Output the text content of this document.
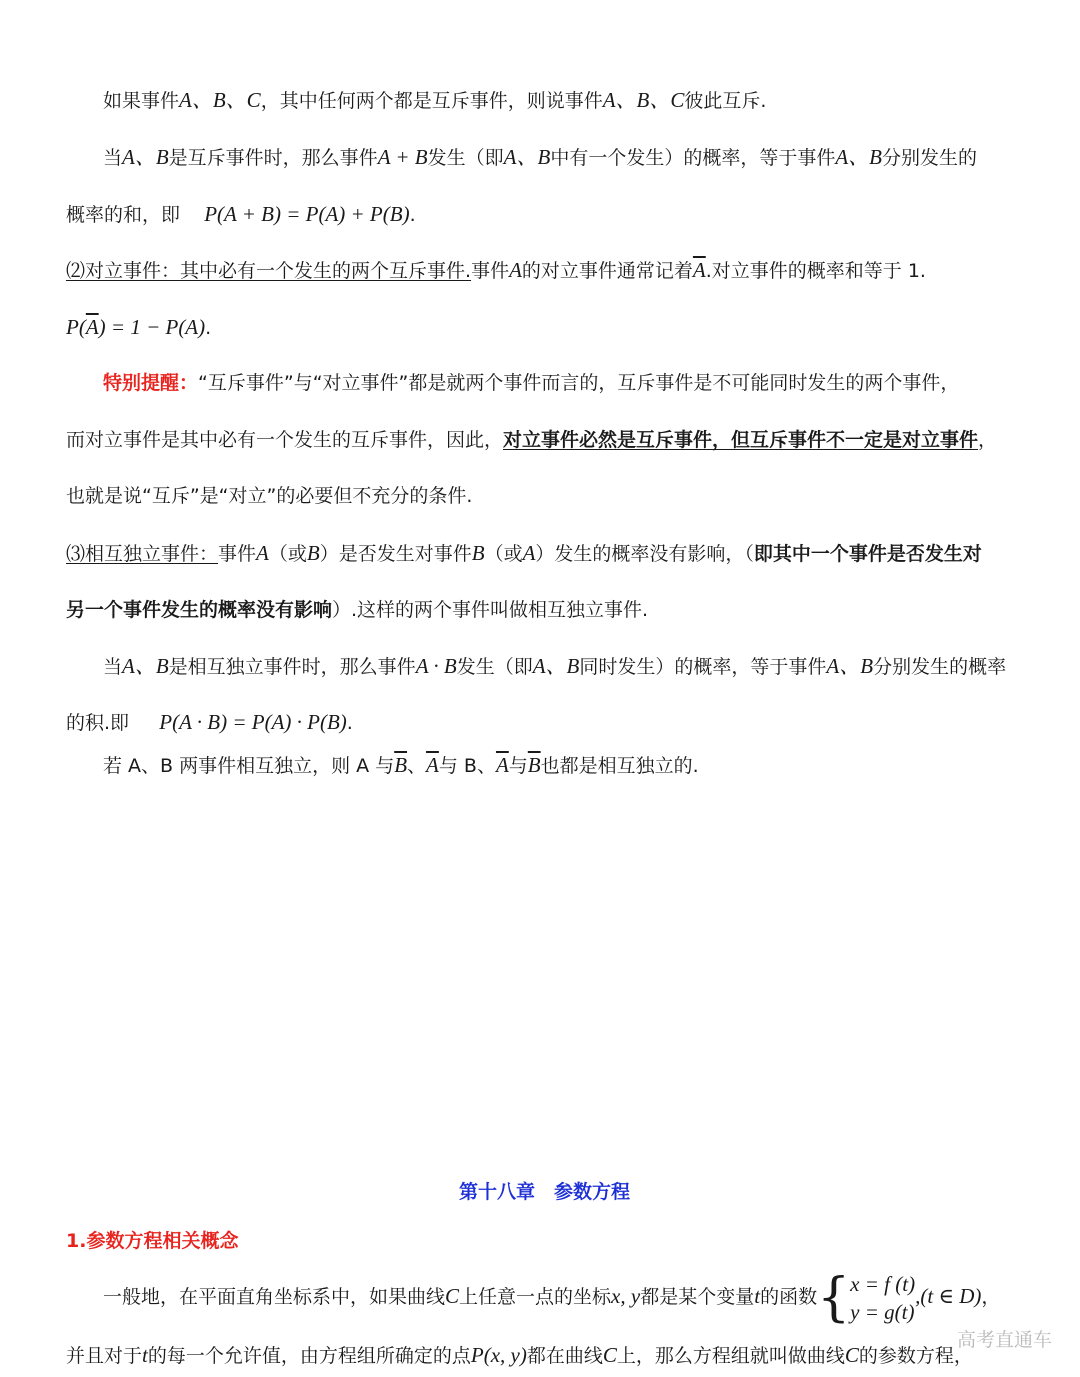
如果事件A、B、C，其中任何两个都是互斥事件，则说事件A、B、C彼此互斥.
当A、B是互斥事件时，那么事件A + B发生（即A、B中有一个发生）的概率，等于事件A、B分别发生的
概率的和，即 P(A + B) = P(A) + P(B).
⑵对立事件：其中必有一个发生的两个互斥事件.事件A的对立事件通常记着$\overline{A}$.对立事件的概率和等于 1.
$P(\overline{A}) = 1 - P(A)$.
特别提醒：“互斥事件”与“对立事件”都是就两个事件而言的，互斥事件是不可能同时发生的两个事件，
而对立事件是其中必有一个发生的互斥事件，因此，对立事件必然是互斥事件，但互斥事件不一定是对立事件，
也就是说“互斥”是“对立”的必要但不充分的条件.
⑶相互独立事件：事件A（或B）是否发生对事件B（或A）发生的概率没有影响，（即其中一个事件是否发生对
另一个事件发生的概率没有影响）.这样的两个事件叫做相互独立事件.
当A、B是相互独立事件时，那么事件A · B发生（即A、B同时发生）的概率，等于事件A、B分别发生的概率
的积.即 P(A · B) = P(A) · P(B).
若 A、B 两事件相互独立，则 A 与$\overline{B}$、$\overline{A}$与 B、$\overline{A}$与$\overline{B}$也都是相互独立的.
第十八章　参数方程
1.参数方程相关概念
一般地，在平面直角坐标系中，如果曲线C上任意一点的坐标x, y都是某个变量t的函数{ x = f (t)
y = g(t)
,(t ∈ D)，
并且对于t的每一个允许值，由方程组所确定的点P(x, y)都在曲线C上，那么方程组就叫做曲线C的参数方程，
高考直通车
